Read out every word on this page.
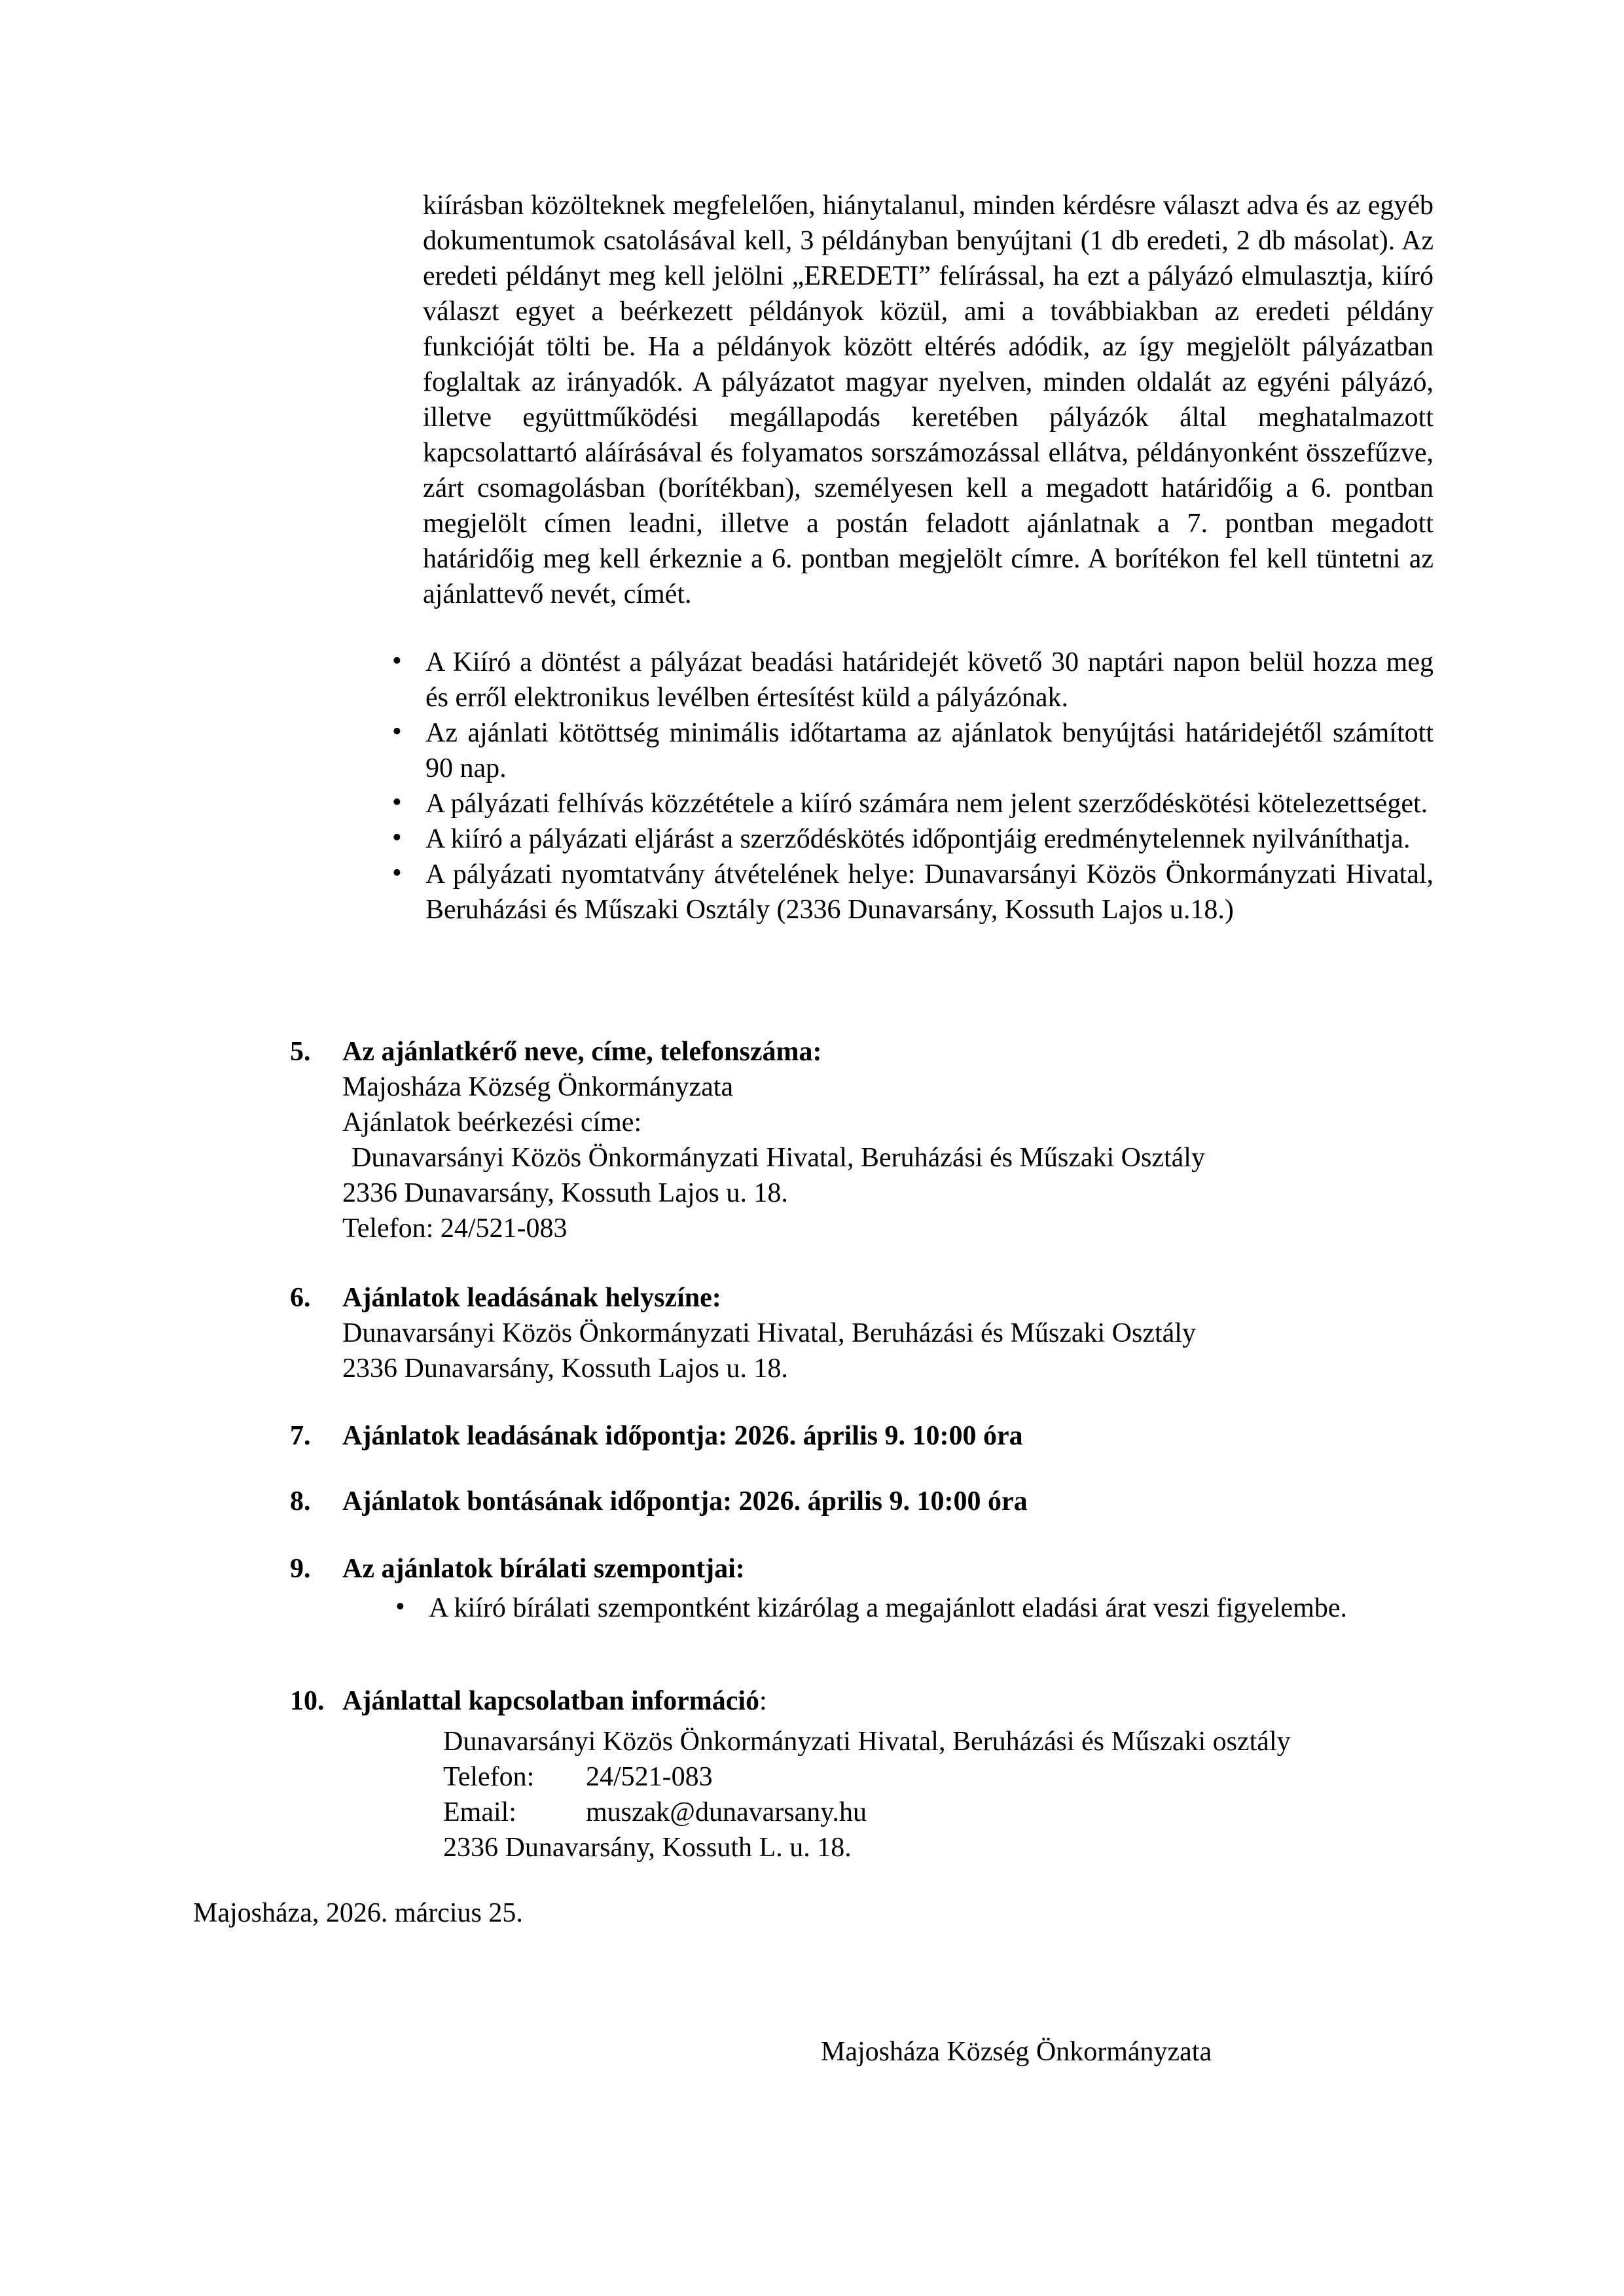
kiírásban közölteknek megfelelően, hiánytalanul, minden kérdésre választ adva és az egyéb dokumentumok csatolásával kell, 3 példányban benyújtani (1 db eredeti, 2 db másolat). Az eredeti példányt meg kell jelölni „EREDETI” felírással, ha ezt a pályázó elmulasztja, kiíró választ egyet a beérkezett példányok közül, ami a továbbiakban az eredeti példány funkcióját tölti be. Ha a példányok között eltérés adódik, az így megjelölt pályázatban foglaltak az irányadók. A pályázatot magyar nyelven, minden oldalát az egyéni pályázó, illetve együttműködési megállapodás keretében pályázók által meghatalmazott kapcsolattartó aláírásával és folyamatos sorszámozással ellátva, példányonként összefűzve, zárt csomagolásban (borítékban), személyesen kell a megadott határidőig a 6. pontban megjelölt címen leadni, illetve a postán feladott ajánlatnak a 7. pontban megadott határidőig meg kell érkeznie a 6. pontban megjelölt címre. A borítékon fel kell tüntetni az ajánlattevő nevét, címét.

• A Kiíró a döntést a pályázat beadási határidejét követő 30 naptári napon belül hozza meg és erről elektronikus levélben értesítést küld a pályázónak.
• Az ajánlati kötöttség minimális időtartama az ajánlatok benyújtási határidejétől számított 90 nap.
• A pályázati felhívás közzététele a kiíró számára nem jelent szerződéskötési kötelezettséget.
• A kiíró a pályázati eljárást a szerződéskötés időpontjáig eredménytelennek nyilváníthatja.
• A pályázati nyomtatvány átvételének helye: Dunavarsányi Közös Önkormányzati Hivatal, Beruházási és Műszaki Osztály (2336 Dunavarsány, Kossuth Lajos u.18.)
5. Az ajánlatkérő neve, címe, telefonszáma:
Majosháza Község Önkormányzata
Ajánlatok beérkezési címe:
Dunavarsányi Közös Önkormányzati Hivatal, Beruházási és Műszaki Osztály
2336 Dunavarsány, Kossuth Lajos u. 18.
Telefon: 24/521-083
6. Ajánlatok leadásának helyszíne:
Dunavarsányi Közös Önkormányzati Hivatal, Beruházási és Műszaki Osztály
2336 Dunavarsány, Kossuth Lajos u. 18.
7. Ajánlatok leadásának időpontja: 2026. április 9. 10:00 óra
8. Ajánlatok bontásának időpontja: 2026. április 9. 10:00 óra
9. Az ajánlatok bírálati szempontjai:
• A kiíró bírálati szempontként kizárólag a megajánlott eladási árat veszi figyelembe.
10. Ajánlattal kapcsolatban információ:
Dunavarsányi Közös Önkormányzati Hivatal, Beruházási és Műszaki osztály
Telefon: 24/521-083
Email:	muszak@dunavarsany.hu
2336 Dunavarsány, Kossuth L. u. 18.
Majosháza, 2026. március 25.
Majosháza Község Önkormányzata
